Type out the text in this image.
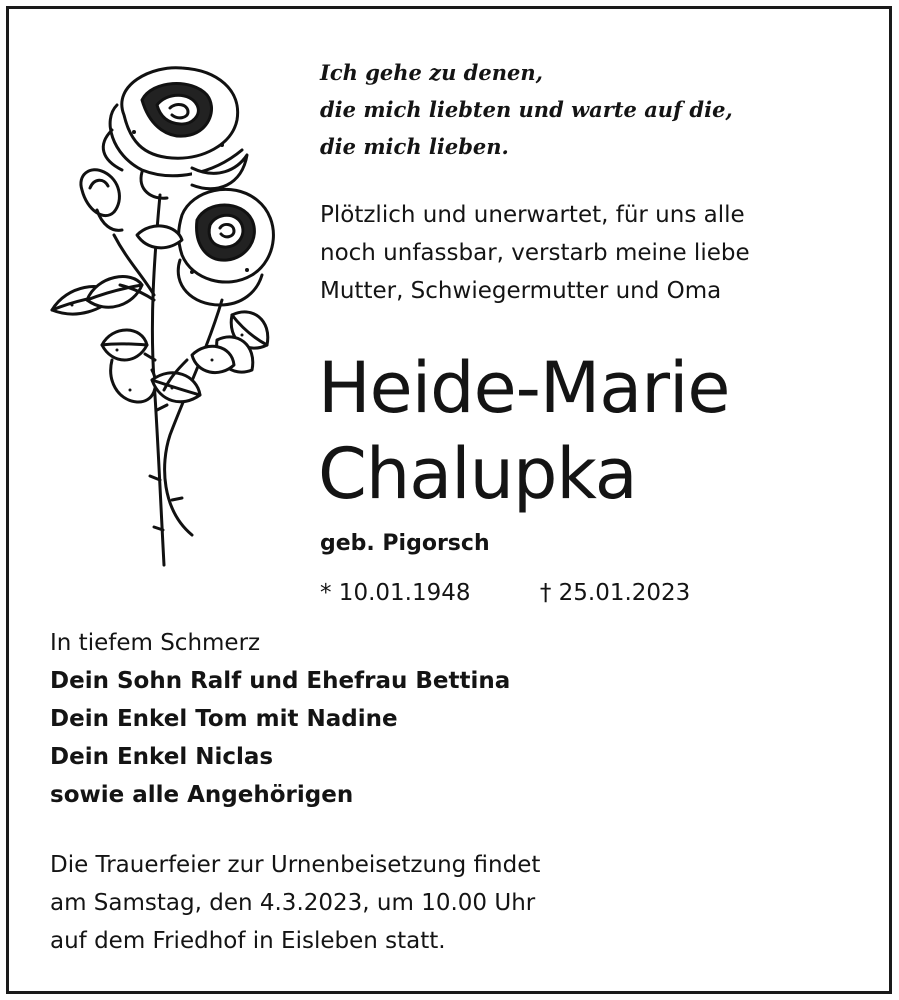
Ich gehe zu denen,
die mich liebten und warte auf die,
die mich lieben.
Plötzlich und unerwartet, für uns alle
noch unfassbar, verstarb meine liebe
Mutter, Schwiegermutter und Oma
Heide-Marie
Chalupka
geb. Pigorsch
* 10.01.1948	† 25.01.2023
In tiefem Schmerz
Dein Sohn Ralf und Ehefrau Bettina
Dein Enkel Tom mit Nadine
Dein Enkel Niclas
sowie alle Angehörigen
Die Trauerfeier zur Urnenbeisetzung findet
am Samstag, den 4.3.2023, um 10.00 Uhr
auf dem Friedhof in Eisleben statt.
